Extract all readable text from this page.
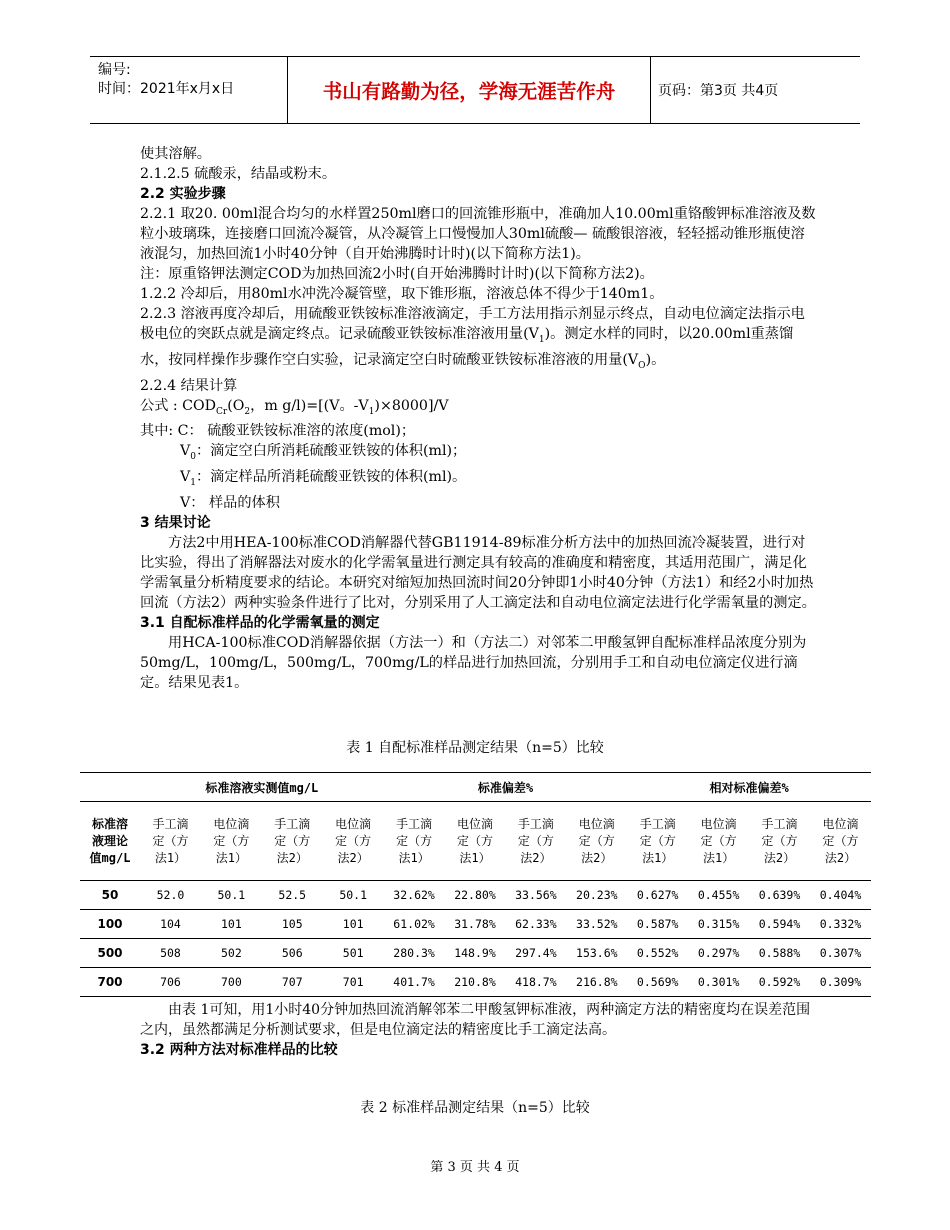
编号:
时间：2021年x月x日	书山有路勤为径，学海无涯苦作舟	页码：第3页 共4页

使其溶解。

2.1.2.5 硫酸汞，结晶或粉末。

2.2 实验步骤

2.2.1 取20. 00ml混合均匀的水样置250ml磨口的回流锥形瓶中，准确加人10.00ml重铬酸钾标准溶液及数粒小玻璃珠，连接磨口回流冷凝管，从冷凝管上口慢慢加人30ml硫酸— 硫酸银溶液，轻轻摇动锥形瓶使溶液混匀，加热回流1小时40分钟（自开始沸腾时计时)(以下简称方法1)。

注：原重铬钾法测定COD为加热回流2小时(自开始沸腾时计时)(以下简称方法2)。

1.2.2 冷却后，用80ml水冲洗冷凝管壁，取下锥形瓶，溶液总体不得少于140m1。

2.2.3 溶液再度冷却后，用硫酸亚铁铵标准溶液滴定，手工方法用指示剂显示终点，自动电位滴定法指示电极电位的突跃点就是滴定终点。记录硫酸亚铁铵标准溶液用量$(V_1)$。测定水样的同时，以20.00ml重蒸馏水，按同样操作步骤作空白实验，记录滴定空白时硫酸亚铁铵标准溶液的用量$(V_O)$。

2.2.4 结果计算

公式 : $COD_{Cr}(O_2$，m g/l)=[(V。$-V_1)\times 8000]/V$

其中: C： 硫酸亚铁铵标准溶的浓度(mol)；

$V_0$：滴定空白所消耗硫酸亚铁铵的体积(ml)；

$V_1$：滴定样品所消耗硫酸亚铁铵的体积(ml)。

V： 样品的体积

3 结果讨论

方法2中用HEA-100标准COD消解器代替GB11914-89标准分析方法中的加热回流冷凝装置，进行对比实验，得出了消解器法对废水的化学需氧量进行测定具有较高的准确度和精密度，其适用范围广，满足化学需氧量分析精度要求的结论。本研究对缩短加热回流时间20分钟即1小时40分钟（方法1）和经2小时加热回流（方法2）两种实验条件进行了比对，分别采用了人工滴定法和自动电位滴定法进行化学需氧量的测定。

3.1 自配标准样品的化学需氧量的测定

用HCA-100标准COD消解器依据（方法一）和（方法二）对邻苯二甲酸氢钾自配标准样品浓度分别为50mg/L，100mg/L，500mg/L，700mg/L的样品进行加热回流，分别用手工和自动电位滴定仪进行滴定。结果见表1。

表 1 自配标准样品测定结果（n=5）比较
	标准溶液实测值mg/L				标准偏差%				相对标准偏差%			

标准溶液理论值mg/L	手工滴定（方法1）	电位滴定（方法1）	手工滴定（方法2）	电位滴定（方法2）	手工滴定（方法1）	电位滴定（方法1）	手工滴定（方法2）	电位滴定（方法2）	手工滴定（方法1）	电位滴定（方法1）	手工滴定（方法2）	电位滴定（方法2）

50	52.0	50.1	52.5	50.1	32.62%	22.80%	33.56%	20.23%	0.627%	0.455%	0.639%	0.404%
100	104	101	105	101	61.02%	31.78%	62.33%	33.52%	0.587%	0.315%	0.594%	0.332%
500	508	502	506	501	280.3%	148.9%	297.4%	153.6%	0.552%	0.297%	0.588%	0.307%
700	706	700	707	701	401.7%	210.8%	418.7%	216.8%	0.569%	0.301%	0.592%	0.309%

由表 1可知，用1小时40分钟加热回流消解邻苯二甲酸氢钾标准液，两种滴定方法的精密度均在误差范围之内，虽然都满足分析测试要求，但是电位滴定法的精密度比手工滴定法高。

3.2 两种方法对标准样品的比较

表 2 标准样品测定结果（n=5）比较
第 3 页 共 4 页
